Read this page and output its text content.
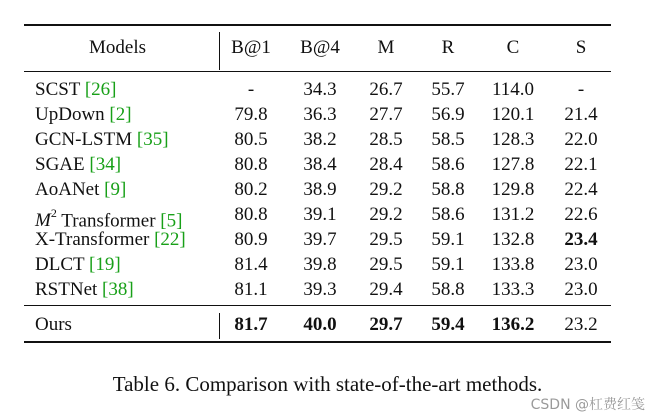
Models	B@1	B@4	M	R	C	S
SCST [26]	-	34.3	26.7	55.7	114.0	-
UpDown [2]	79.8	36.3	27.7	56.9	120.1	21.4
GCN-LSTM [35]	80.5	38.2	28.5	58.5	128.3	22.0
SGAE [34]	80.8	38.4	28.4	58.6	127.8	22.1
AoANet [9]	80.2	38.9	29.2	58.8	129.8	22.4
$M^2$ Transformer [5]	80.8	39.1	29.2	58.6	131.2	22.6
X-Transformer [22]	80.9	39.7	29.5	59.1	132.8	23.4
DLCT [19]	81.4	39.8	29.5	59.1	133.8	23.0
RSTNet [38]	81.1	39.3	29.4	58.8	133.3	23.0
Ours	81.7	40.0	29.7	59.4	136.2	23.2
Table 6. Comparison with state-of-the-art methods.
CSDN @杠费红笺
